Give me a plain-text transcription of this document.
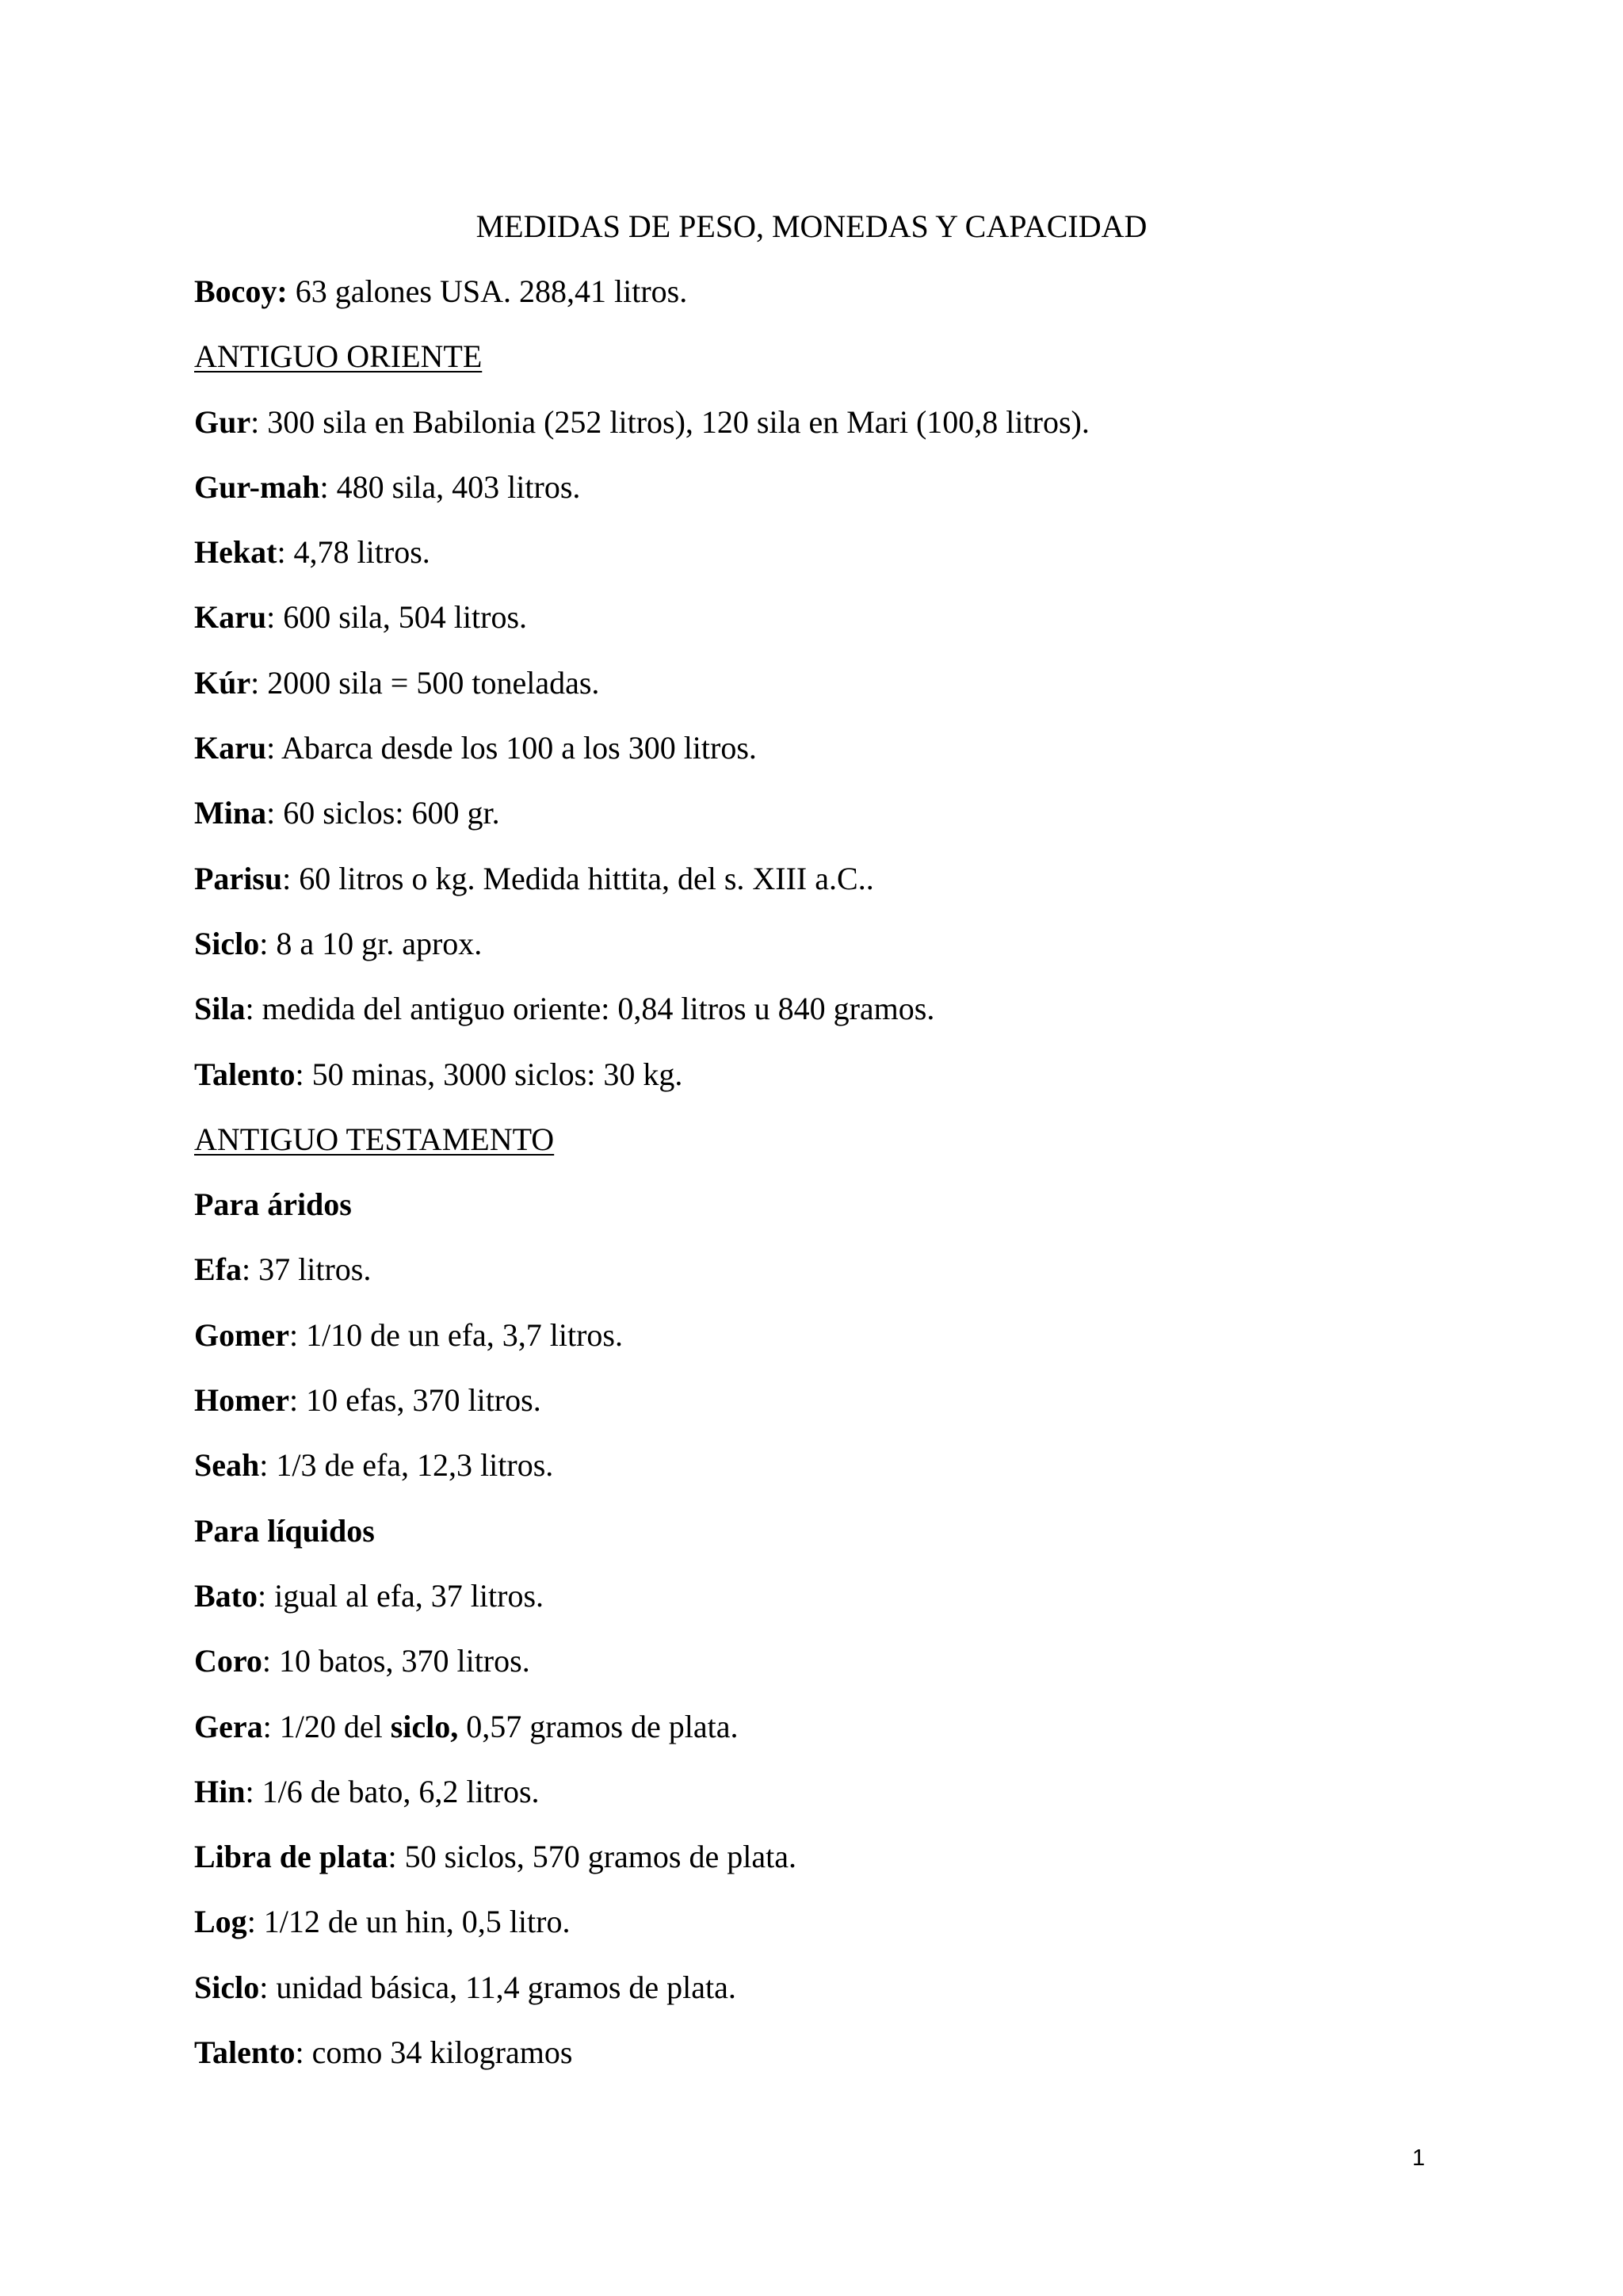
MEDIDAS DE PESO, MONEDAS Y CAPACIDAD
Bocoy: 63 galones USA. 288,41 litros.
ANTIGUO ORIENTE
Gur: 300 sila en Babilonia (252 litros), 120 sila en Mari (100,8 litros).
Gur-mah: 480 sila, 403 litros.
Hekat: 4,78 litros.
Karu: 600 sila, 504 litros.
Kúr: 2000 sila = 500 toneladas.
Karu: Abarca desde los 100 a los 300 litros.
Mina: 60 siclos: 600 gr.
Parisu: 60 litros o kg. Medida hittita, del s. XIII a.C..
Siclo: 8 a 10 gr. aprox.
Sila: medida del antiguo oriente: 0,84 litros u 840 gramos.
Talento: 50 minas, 3000 siclos: 30 kg.
ANTIGUO TESTAMENTO
Para áridos
Efa: 37 litros.
Gomer: 1/10 de un efa, 3,7 litros.
Homer: 10 efas, 370 litros.
Seah: 1/3 de efa, 12,3 litros.
Para líquidos
Bato: igual al efa, 37 litros.
Coro: 10 batos, 370 litros.
Gera: 1/20 del siclo, 0,57 gramos de plata.
Hin: 1/6 de bato, 6,2 litros.
Libra de plata: 50 siclos, 570 gramos de plata.
Log: 1/12 de un hin, 0,5 litro.
Siclo: unidad básica, 11,4 gramos de plata.
Talento: como 34 kilogramos
1
